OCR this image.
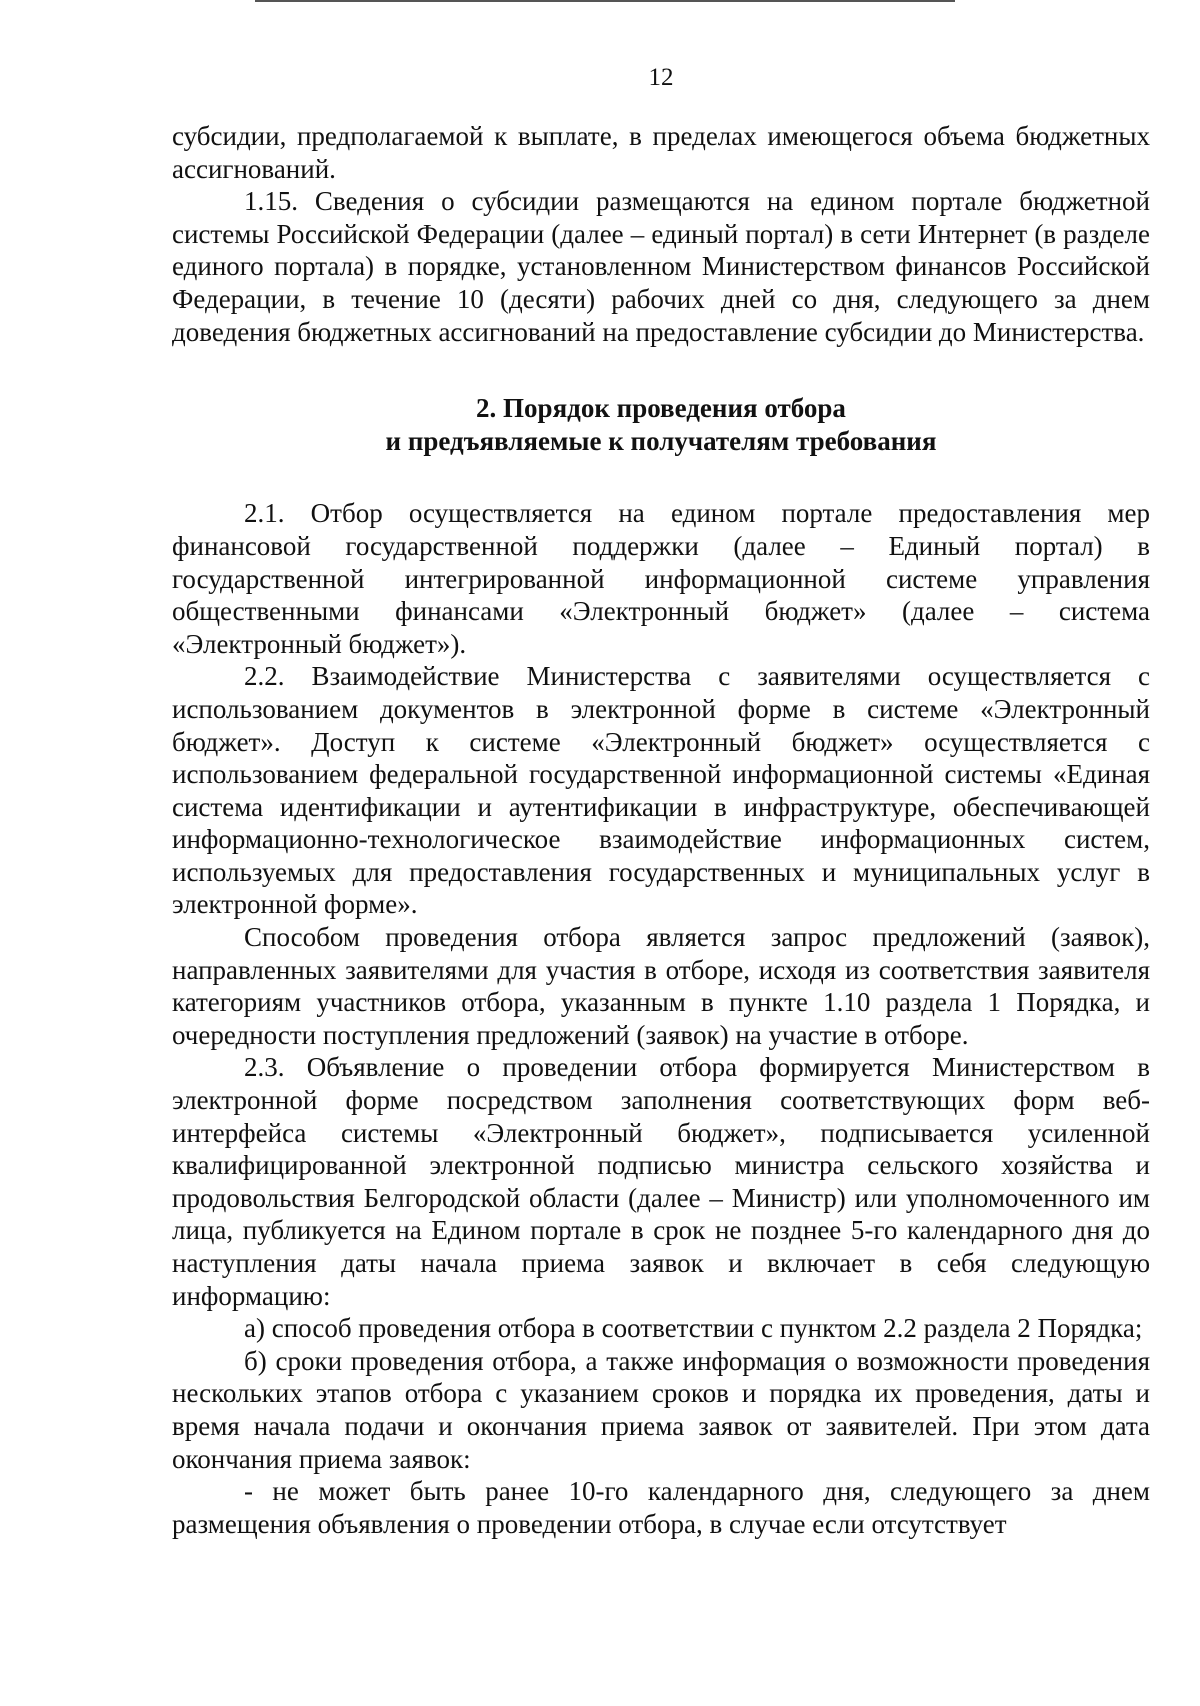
12

субсидии, предполагаемой к выплате, в пределах имеющегося объема бюджетных ассигнований.

1.15. Сведения о субсидии размещаются на едином портале бюджетной системы Российской Федерации (далее – единый портал) в сети Интернет (в разделе единого портала) в порядке, установленном Министерством финансов Российской Федерации, в течение 10 (десяти) рабочих дней со дня, следующего за днем доведения бюджетных ассигнований на предоставление субсидии до Министерства.

2. Порядок проведения отбора
и предъявляемые к получателям требования

2.1. Отбор осуществляется на едином портале предоставления мер финансовой государственной поддержки (далее – Единый портал) в государственной интегрированной информационной системе управления общественными финансами «Электронный бюджет» (далее – система «Электронный бюджет»).

2.2. Взаимодействие Министерства с заявителями осуществляется с использованием документов в электронной форме в системе «Электронный бюджет». Доступ к системе «Электронный бюджет» осуществляется с использованием федеральной государственной информационной системы «Единая система идентификации и аутентификации в инфраструктуре, обеспечивающей информационно-технологическое взаимодействие информационных систем, используемых для предоставления государственных и муниципальных услуг в электронной форме».

Способом проведения отбора является запрос предложений (заявок), направленных заявителями для участия в отборе, исходя из соответствия заявителя категориям участников отбора, указанным в пункте 1.10 раздела 1 Порядка, и очередности поступления предложений (заявок) на участие в отборе.

2.3. Объявление о проведении отбора формируется Министерством в электронной форме посредством заполнения соответствующих форм веб-интерфейса системы «Электронный бюджет», подписывается усиленной квалифицированной электронной подписью министра сельского хозяйства и продовольствия Белгородской области (далее – Министр) или уполномоченного им лица, публикуется на Едином портале в срок не позднее 5-го календарного дня до наступления даты начала приема заявок и включает в себя следующую информацию:

а) способ проведения отбора в соответствии с пунктом 2.2 раздела 2 Порядка;

б) сроки проведения отбора, а также информация о возможности проведения нескольких этапов отбора с указанием сроков и порядка их проведения, даты и время начала подачи и окончания приема заявок от заявителей. При этом дата окончания приема заявок:

- не может быть ранее 10-го календарного дня, следующего за днем размещения объявления о проведении отбора, в случае если отсутствует
